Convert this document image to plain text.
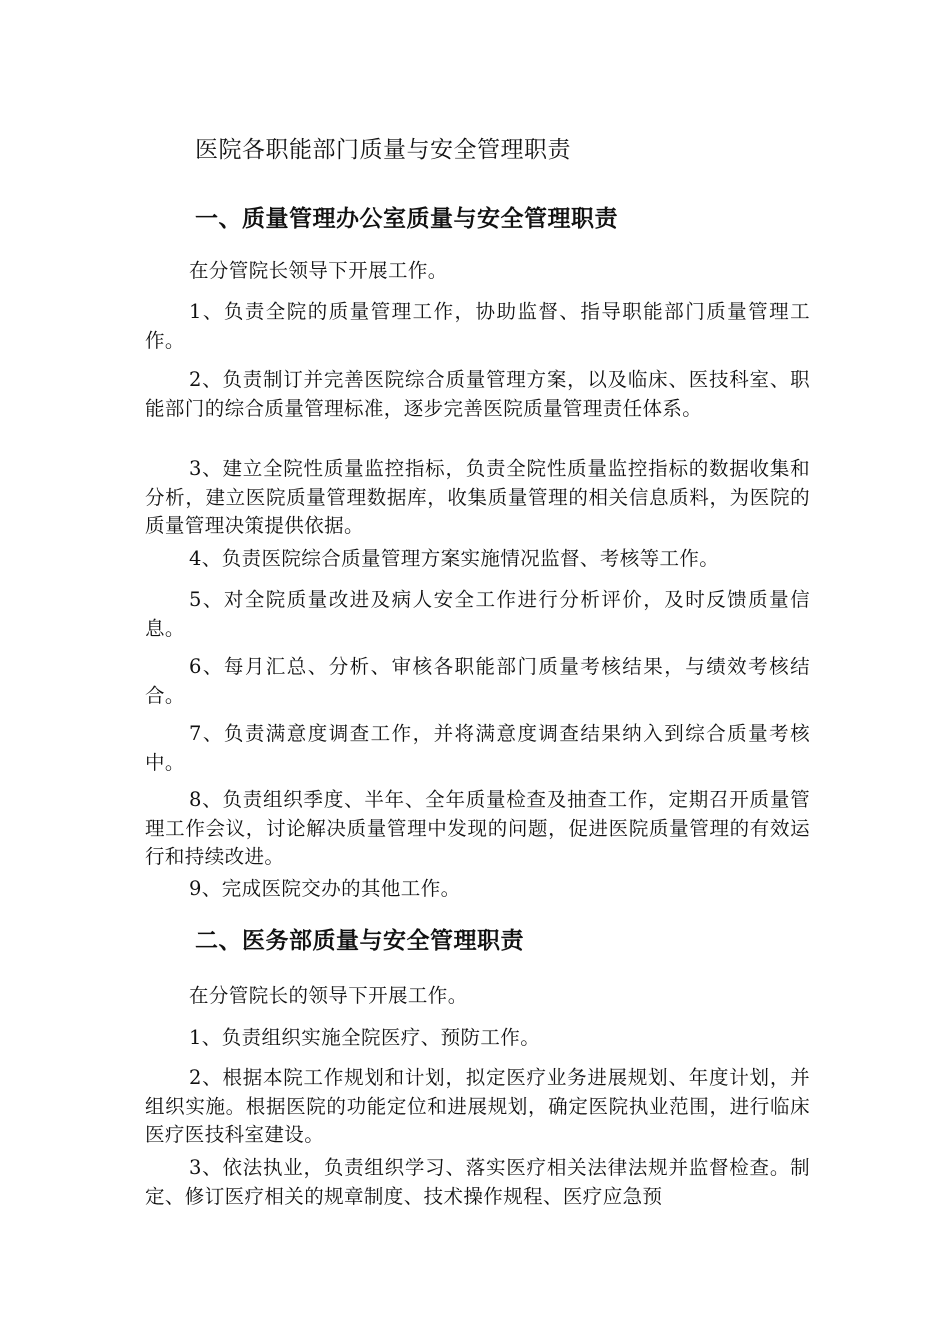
医院各职能部门质量与安全管理职责
一、质量管理办公室质量与安全管理职责

在分管院长领导下开展工作。

1、负责全院的质量管理工作，协助监督、指导职能部门质量管理工作。

2、负责制订并完善医院综合质量管理方案，以及临床、医技科室、职能部门的综合质量管理标准，逐步完善医院质量管理责任体系。

3、建立全院性质量监控指标，负责全院性质量监控指标的数据收集和分析，建立医院质量管理数据库，收集质量管理的相关信息质料，为医院的质量管理决策提供依据。

4、负责医院综合质量管理方案实施情况监督、考核等工作。

5、对全院质量改进及病人安全工作进行分析评价，及时反馈质量信息。

6、每月汇总、分析、审核各职能部门质量考核结果，与绩效考核结合。

7、负责满意度调查工作，并将满意度调查结果纳入到综合质量考核中。

8、负责组织季度、半年、全年质量检查及抽查工作，定期召开质量管理工作会议，讨论解决质量管理中发现的问题，促进医院质量管理的有效运行和持续改进。

9、完成医院交办的其他工作。

二、医务部质量与安全管理职责

在分管院长的领导下开展工作。

1、负责组织实施全院医疗、预防工作。

2、根据本院工作规划和计划，拟定医疗业务进展规划、年度计划，并组织实施。根据医院的功能定位和进展规划，确定医院执业范围，进行临床医疗医技科室建设。

3、依法执业，负责组织学习、落实医疗相关法律法规并监督检查。制定、修订医疗相关的规章制度、技术操作规程、医疗应急预
